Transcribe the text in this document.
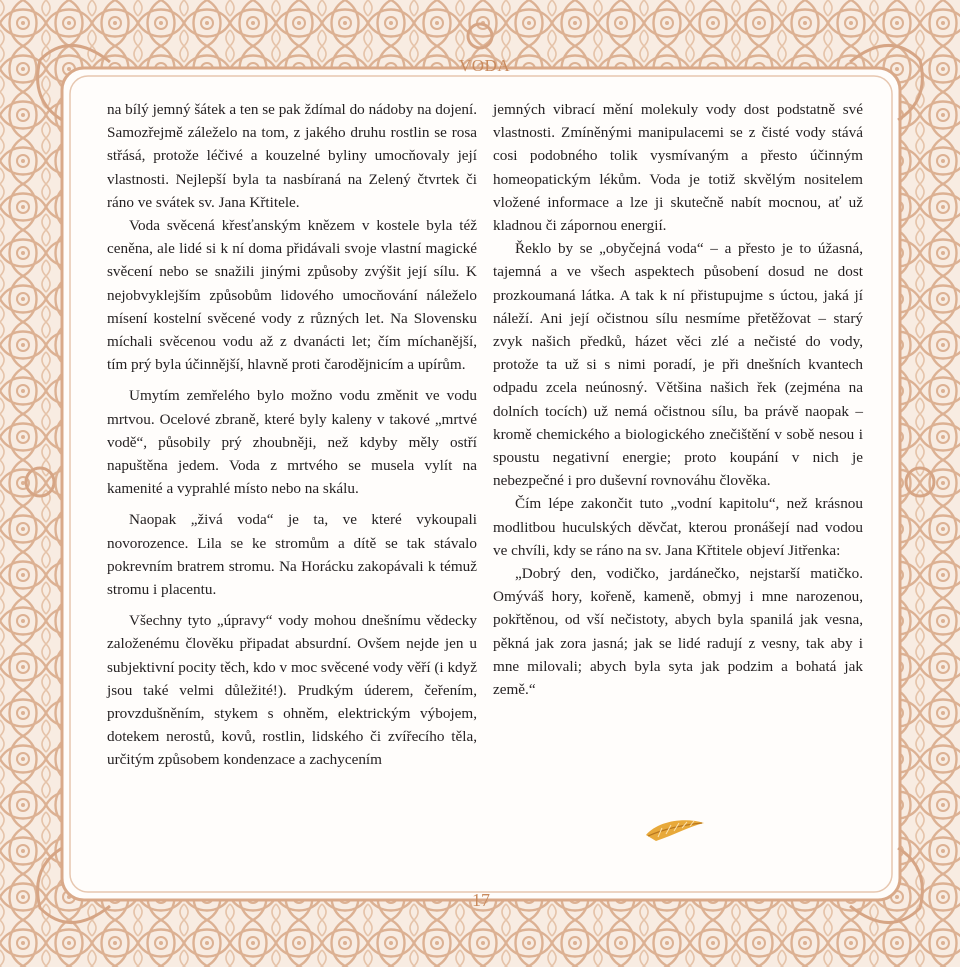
VODA

na bílý jemný šátek a ten se pak ždímal do nádoby na dojení. Samozřejmě záleželo na tom, z jakého druhu rostlin se rosa střásá, protože léčivé a kouzelné byliny umocňovaly její vlastnosti. Nejlepší byla ta nasbíraná na Zelený čtvrtek či ráno ve svátek sv. Jana Křtitele.

Voda svěcená křesťanským knězem v kostele byla též ceněna, ale lidé si k ní doma přidávali svoje vlastní magické svěcení nebo se snažili jinými způsoby zvýšit její sílu. K nejobvyklejším způsobům lidového umocňování náleželo mísení kostelní svěcené vody z různých let. Na Slovensku míchali svěcenou vodu až z dvanácti let; čím míchanější, tím prý byla účinnější, hlavně proti čarodějnicím a upírům.

Umytím zemřelého bylo možno vodu změnit ve vodu mrtvou. Ocelové zbraně, které byly kaleny v takové „mrtvé vodě“, působily prý zhoubněji, než kdyby měly ostří napuštěna jedem. Voda z mrtvého se musela vylít na kamenité a vyprahlé místo nebo na skálu.

Naopak „živá voda“ je ta, ve které vykoupali novorozence. Lila se ke stromům a dítě se tak stávalo pokrevním bratrem stromu. Na Horácku zakopávali k témuž stromu i placentu.

Všechny tyto „úpravy“ vody mohou dnešnímu vědecky založenému člověku připadat absurdní. Ovšem nejde jen u subjektivní pocity těch, kdo v moc svěcené vody věří (i když jsou také velmi důležité!). Prudkým úderem, čeřením, provzdušněním, stykem s ohněm, elektrickým výbojem, dotekem nerostů, kovů, rostlin, lidského či zvířecího těla, určitým způsobem kondenzace a zachycením

jemných vibrací mění molekuly vody dost podstatně své vlastnosti. Zmíněnými manipulacemi se z čisté vody stává cosi podobného tolik vysmívaným a přesto účinným homeopatickým lékům. Voda je totiž skvělým nositelem vložené informace a lze ji skutečně nabít mocnou, ať už kladnou či zápornou energií.

Řeklo by se „obyčejná voda“ – a přesto je to úžasná, tajemná a ve všech aspektech působení dosud ne dost prozkoumaná látka. A tak k ní přistupujme s úctou, jaká jí náleží. Ani její očistnou sílu nesmíme přetěžovat – starý zvyk našich předků, házet věci zlé a nečisté do vody, protože ta už si s nimi poradí, je při dnešních kvantech odpadu zcela neúnosný. Většina našich řek (zejména na dolních tocích) už nemá očistnou sílu, ba právě naopak – kromě chemického a biologického znečištění v sobě nesou i spoustu negativní energie; proto koupání v nich je nebezpečné i pro duševní rovnováhu člověka.

Čím lépe zakončit tuto „vodní kapitolu“, než krásnou modlitbou huculských děvčat, kterou pronášejí nad vodou ve chvíli, kdy se ráno na sv. Jana Křtitele objeví Jitřenka:

„Dobrý den, vodičko, jardánečko, nejstarší matičko. Omýváš hory, kořeně, kameně, obmyj i mne narozenou, pokřtěnou, od vší nečistoty, abych byla spanilá jak vesna, pěkná jak zora jasná; jak se lidé radují z vesny, tak aby i mne milovali; abych byla syta jak podzim a bohatá jak země.“

17
